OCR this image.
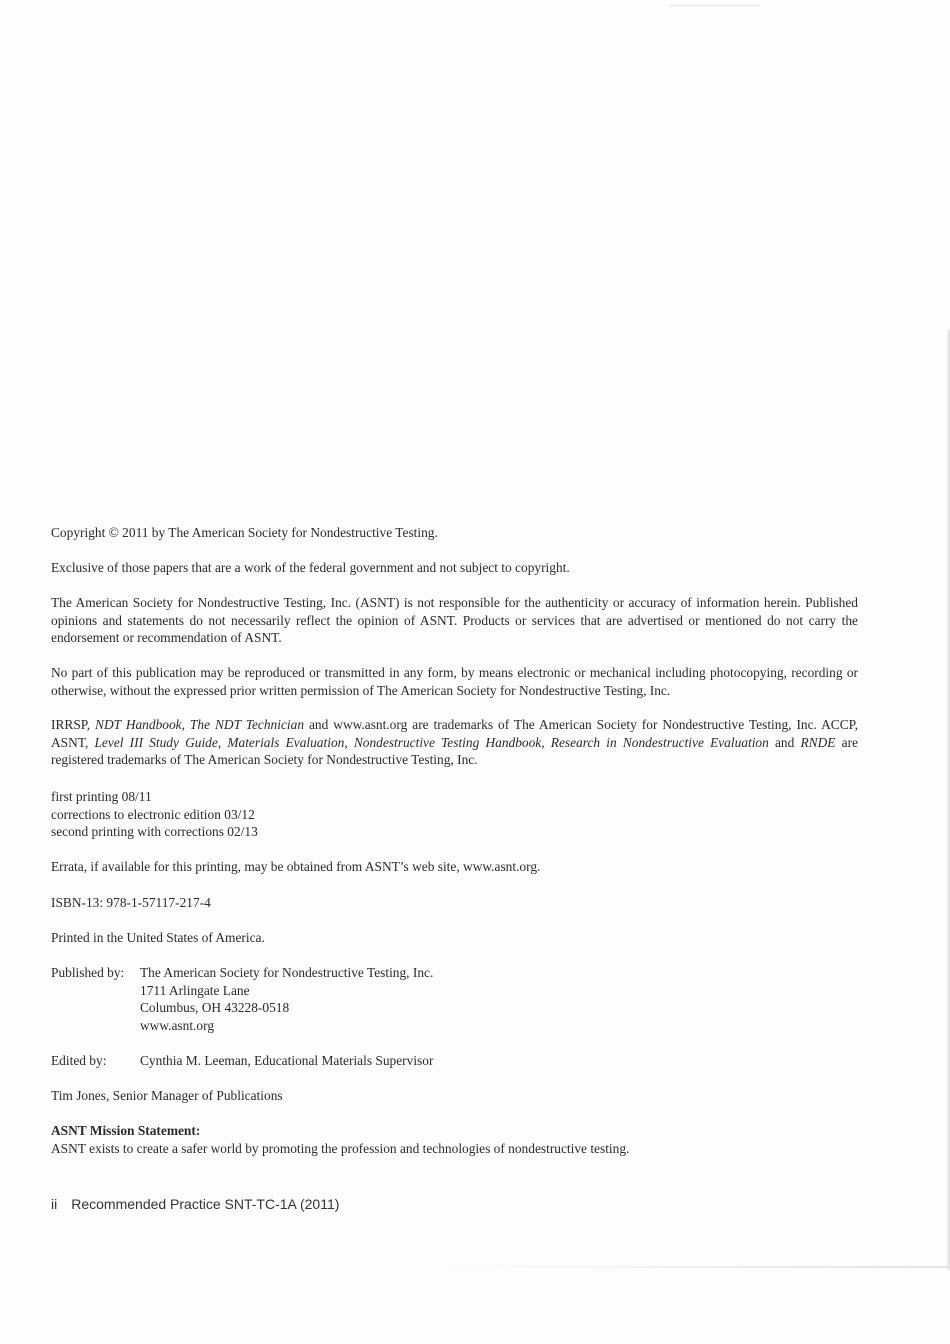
Copyright © 2011 by The American Society for Nondestructive Testing.
Exclusive of those papers that are a work of the federal government and not subject to copyright.
The American Society for Nondestructive Testing, Inc. (ASNT) is not responsible for the authenticity or accuracy of information herein. Published opinions and statements do not necessarily reflect the opinion of ASNT. Products or services that are advertised or mentioned do not carry the endorsement or recommendation of ASNT.
No part of this publication may be reproduced or transmitted in any form, by means electronic or mechanical including photocopying, recording or otherwise, without the expressed prior written permission of The American Society for Nondestructive Testing, Inc.
IRRSP, NDT Handbook, The NDT Technician and www.asnt.org are trademarks of The American Society for Nondestructive Testing, Inc. ACCP, ASNT, Level III Study Guide, Materials Evaluation, Nondestructive Testing Handbook, Research in Nondestructive Evaluation and RNDE are registered trademarks of The American Society for Nondestructive Testing, Inc.
first printing 08/11
corrections to electronic edition 03/12
second printing with corrections 02/13
Errata, if available for this printing, may be obtained from ASNT’s web site, www.asnt.org.
ISBN-13: 978-1-57117-217-4
Printed in the United States of America.
Published by: The American Society for Nondestructive Testing, Inc.
1711 Arlingate Lane
Columbus, OH 43228-0518
www.asnt.org
Edited by:	Cynthia M. Leeman, Educational Materials Supervisor
Tim Jones, Senior Manager of Publications
ASNT Mission Statement:
ASNT exists to create a safer world by promoting the profession and technologies of nondestructive testing.
ii Recommended Practice SNT-TC-1A (2011)
